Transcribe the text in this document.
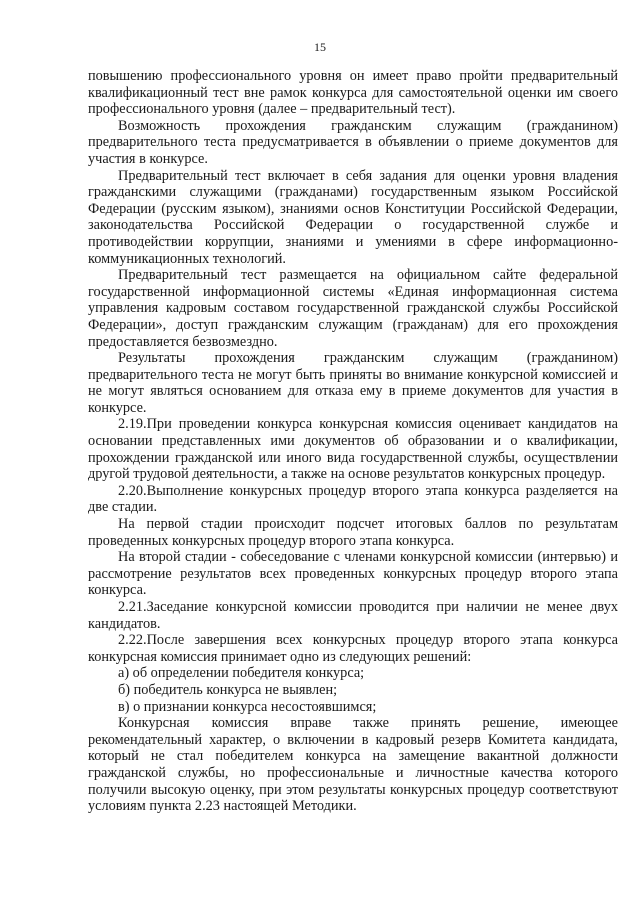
15

повышению профессионального уровня он имеет право пройти предварительный квалификационный тест вне рамок конкурса для самостоятельной оценки им своего профессионального уровня (далее – предварительный тест).

Возможность прохождения гражданским служащим (гражданином) предварительного теста предусматривается в объявлении о приеме документов для участия в конкурсе.

Предварительный тест включает в себя задания для оценки уровня владения гражданскими служащими (гражданами) государственным языком Российской Федерации (русским языком), знаниями основ Конституции Российской Федерации, законодательства Российской Федерации о государственной службе и противодействии коррупции, знаниями и умениями в сфере информационно-коммуникационных технологий.

Предварительный тест размещается на официальном сайте федеральной государственной информационной системы «Единая информационная система управления кадровым составом государственной гражданской службы Российской Федерации», доступ гражданским служащим (гражданам) для его прохождения предоставляется безвозмездно.

Результаты прохождения гражданским служащим (гражданином) предварительного теста не могут быть приняты во внимание конкурсной комиссией и не могут являться основанием для отказа ему в приеме документов для участия в конкурсе.

2.19.При проведении конкурса конкурсная комиссия оценивает кандидатов на основании представленных ими документов об образовании и о квалификации, прохождении гражданской или иного вида государственной службы, осуществлении другой трудовой деятельности, а также на основе результатов конкурсных процедур.

2.20.Выполнение конкурсных процедур второго этапа конкурса разделяется на две стадии.

На первой стадии происходит подсчет итоговых баллов по результатам проведенных конкурсных процедур второго этапа конкурса.

На второй стадии - собеседование с членами конкурсной комиссии (интервью) и рассмотрение результатов всех проведенных конкурсных процедур второго этапа конкурса.

2.21.Заседание конкурсной комиссии проводится при наличии не менее двух кандидатов.

2.22.После завершения всех конкурсных процедур второго этапа конкурса конкурсная комиссия принимает одно из следующих решений:

а) об определении победителя конкурса;

б) победитель конкурса не выявлен;

в) о признании конкурса несостоявшимся;

Конкурсная комиссия вправе также принять решение, имеющее рекомендательный характер, о включении в кадровый резерв Комитета кандидата, который не стал победителем конкурса на замещение вакантной должности гражданской службы, но профессиональные и личностные качества которого получили высокую оценку, при этом результаты конкурсных процедур соответствуют условиям пункта 2.23 настоящей Методики.
